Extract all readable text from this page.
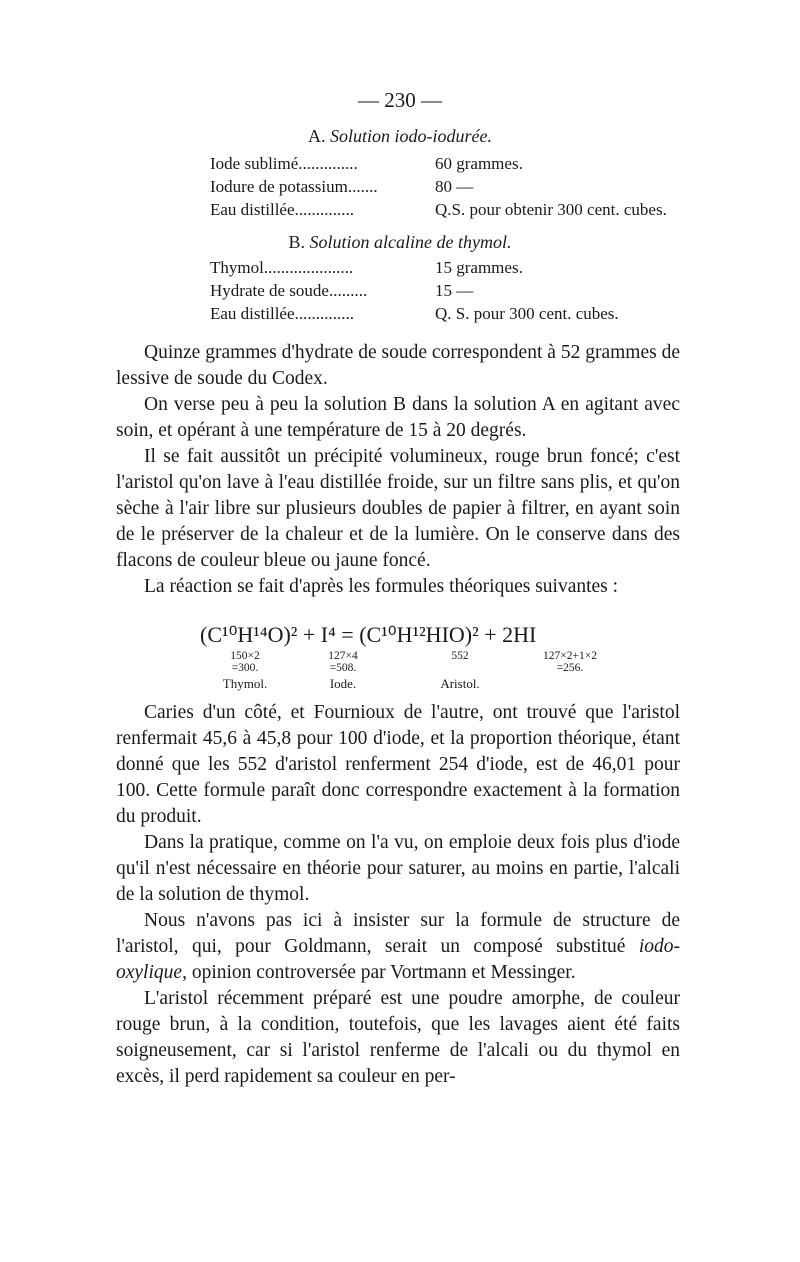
— 230 —
A. Solution iodo-iodurée.
Iode sublimé..............	60 grammes.
Iodure de potassium.......	80 —
Eau distillée..............	Q.S. pour obtenir 300 cent. cubes.
B. Solution alcaline de thymol.
Thymol.....................	15 grammes.
Hydrate de soude.........	15 —
Eau distillée..............	Q. S. pour 300 cent. cubes.

Quinze grammes d'hydrate de soude correspondent à 52 grammes de lessive de soude du Codex.

On verse peu à peu la solution B dans la solution A en agitant avec soin, et opérant à une température de 15 à 20 degrés.

Il se fait aussitôt un précipité volumineux, rouge brun foncé; c'est l'aristol qu'on lave à l'eau distillée froide, sur un filtre sans plis, et qu'on sèche à l'air libre sur plusieurs doubles de papier à filtrer, en ayant soin de le préserver de la chaleur et de la lumière. On le conserve dans des flacons de couleur bleue ou jaune foncé.

La réaction se fait d'après les formules théoriques suivantes :

(C¹⁰H¹⁴O)² + I⁴ = (C¹⁰H¹²HIO)² + 2HI
150×2
=300.
Thymol.
127×4
=508.
Iode.
552

Aristol.
127×2+1×2
=256.

Caries d'un côté, et Fournioux de l'autre, ont trouvé que l'aristol renfermait 45,6 à 45,8 pour 100 d'iode, et la proportion théorique, étant donné que les 552 d'aristol renferment 254 d'iode, est de 46,01 pour 100. Cette formule paraît donc correspondre exactement à la formation du produit.

Dans la pratique, comme on l'a vu, on emploie deux fois plus d'iode qu'il n'est nécessaire en théorie pour saturer, au moins en partie, l'alcali de la solution de thymol.

Nous n'avons pas ici à insister sur la formule de structure de l'aristol, qui, pour Goldmann, serait un composé substitué iodo-oxylique, opinion controversée par Vortmann et Messinger.

L'aristol récemment préparé est une poudre amorphe, de couleur rouge brun, à la condition, toutefois, que les lavages aient été faits soigneusement, car si l'aristol renferme de l'alcali ou du thymol en excès, il perd rapidement sa couleur en per-
